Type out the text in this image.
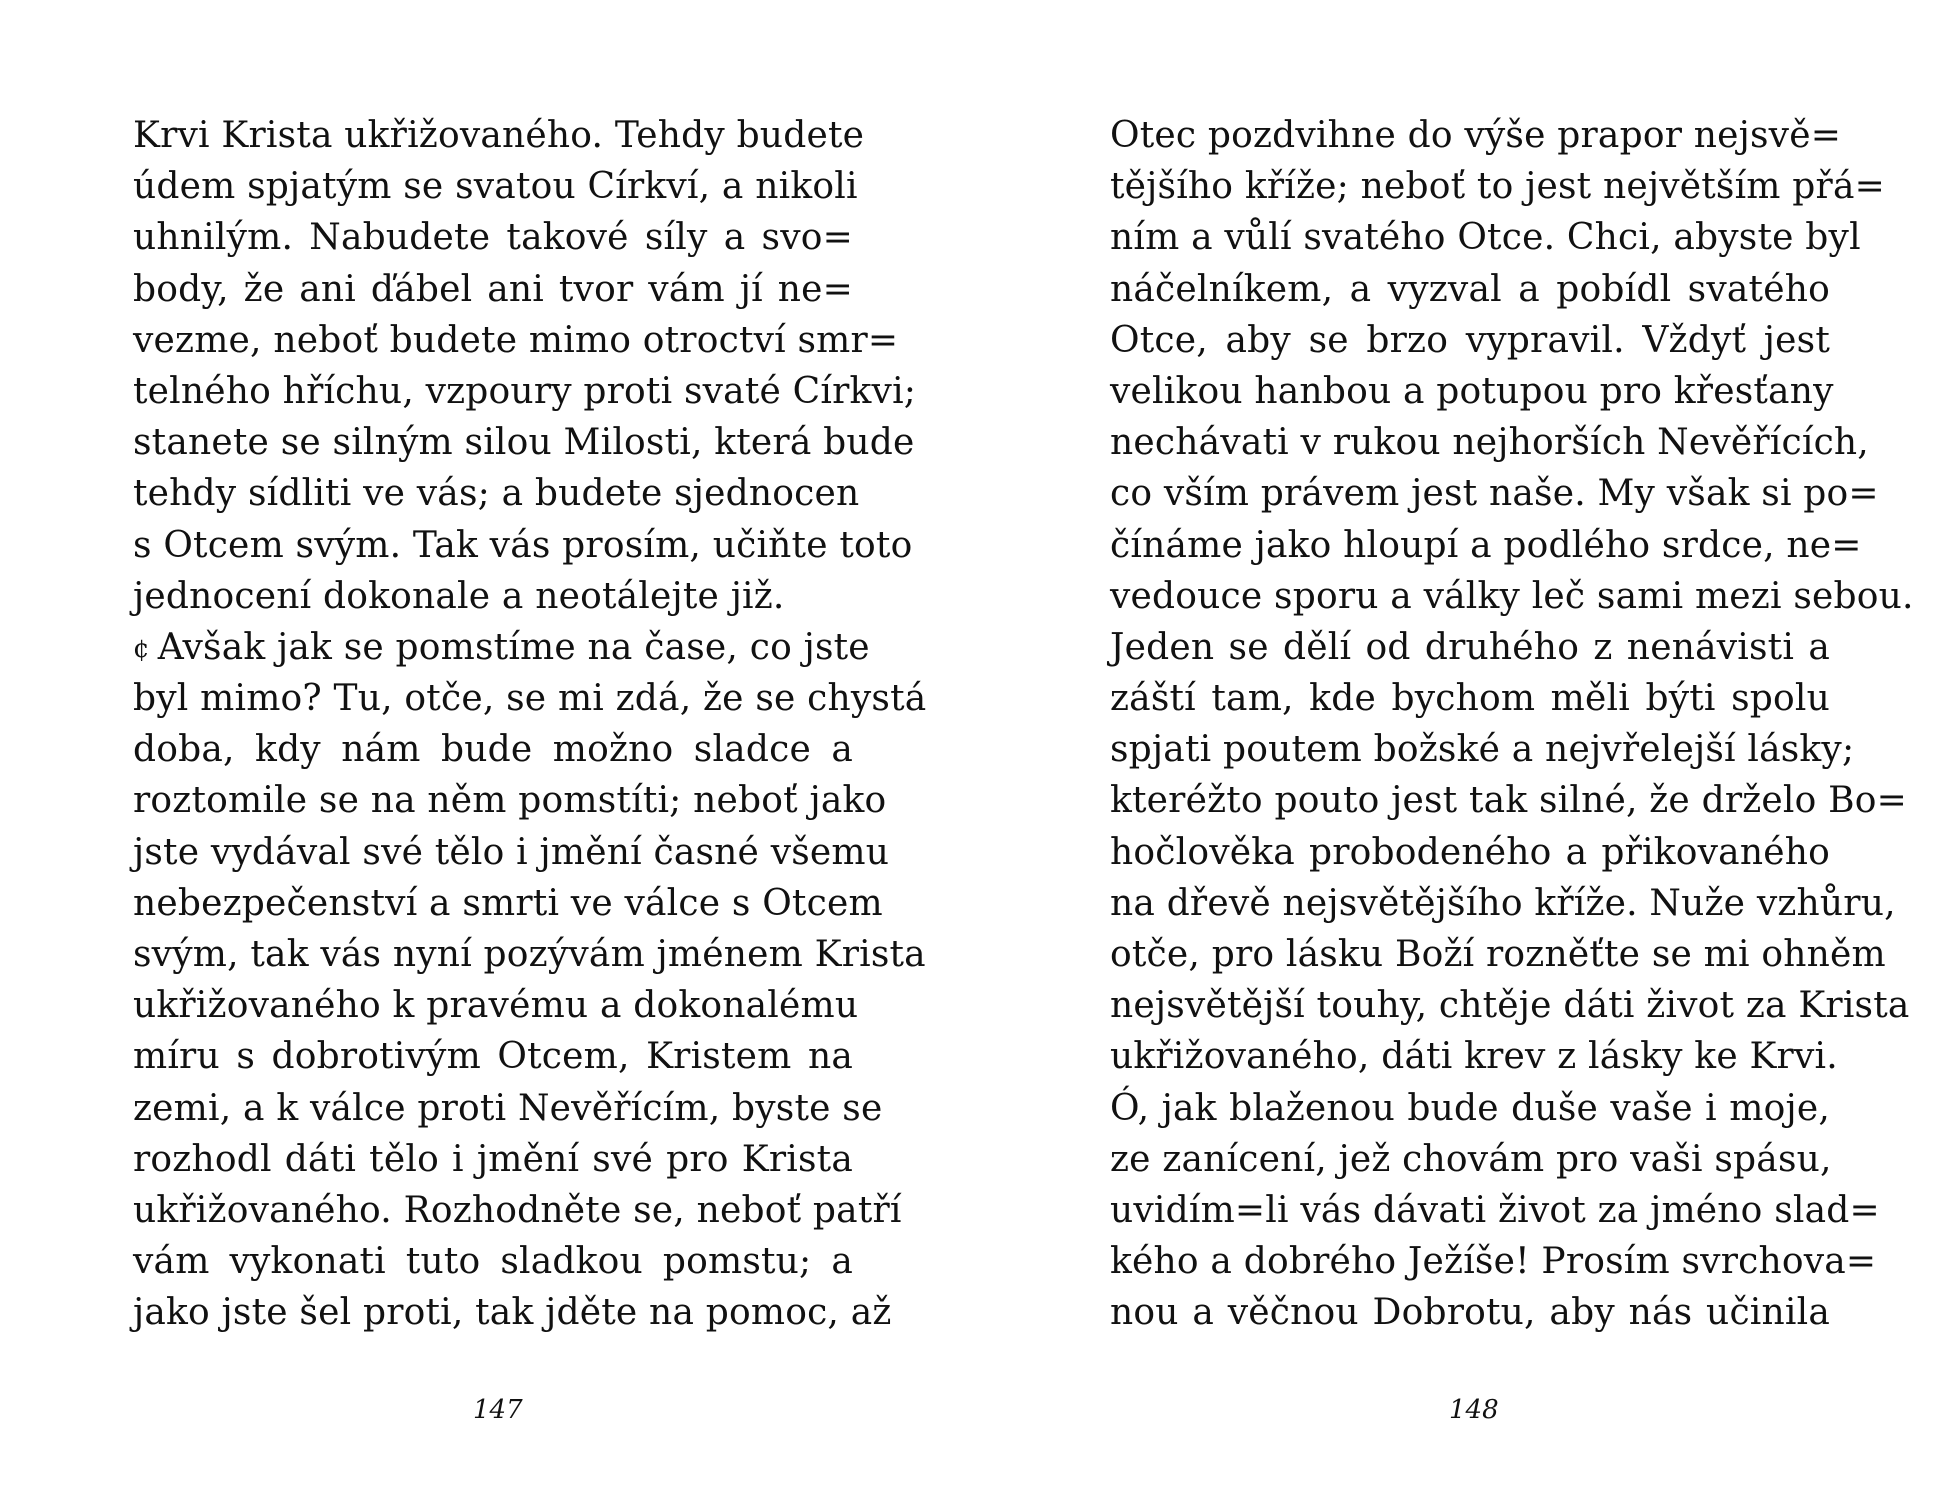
Krvi Krista ukřižovaného. Tehdy budete
údem spjatým se svatou Církví, a nikoli
uhnilým. Nabudete takové síly a svo=
body, že ani ďábel ani tvor vám jí ne=
vezme, neboť budete mimo otroctví smr=
telného hříchu, vzpoury proti svaté Církvi;
stanete se silným silou Milosti, která bude
tehdy sídliti ve vás; a budete sjednocen
s Otcem svým. Tak vás prosím, učiňte toto
jednocení dokonale a neotálejte již.
¢ Avšak jak se pomstíme na čase, co jste
byl mimo? Tu, otče, se mi zdá, že se chystá
doba, kdy nám bude možno sladce a
roztomile se na něm pomstíti; neboť jako
jste vydával své tělo i jmění časné všemu
nebezpečenství a smrti ve válce s Otcem
svým, tak vás nyní pozývám jménem Krista
ukřižovaného k pravému a dokonalému
míru s dobrotivým Otcem, Kristem na
zemi, a k válce proti Nevěřícím, byste se
rozhodl dáti tělo i jmění své pro Krista
ukřižovaného. Rozhodněte se, neboť patří
vám vykonati tuto sladkou pomstu; a
jako jste šel proti, tak jděte na pomoc, až
147
Otec pozdvihne do výše prapor nejsvě=
tějšího kříže; neboť to jest největším přá=
ním a vůlí svatého Otce. Chci, abyste byl
náčelníkem, a vyzval a pobídl svatého
Otce, aby se brzo vypravil. Vždyť jest
velikou hanbou a potupou pro křesťany
nechávati v rukou nejhorších Nevěřících,
co vším právem jest naše. My však si po=
čínáme jako hloupí a podlého srdce, ne=
vedouce sporu a války leč sami mezi sebou.
Jeden se dělí od druhého z nenávisti a
záští tam, kde bychom měli býti spolu
spjati poutem božské a nejvřelejší lásky;
kteréžto pouto jest tak silné, že drželo Bo=
hočlověka probodeného a přikovaného
na dřevě nejsvětějšího kříže. Nuže vzhůru,
otče, pro lásku Boží rozněťte se mi ohněm
nejsvětější touhy, chtěje dáti život za Krista
ukřižovaného, dáti krev z lásky ke Krvi.
Ó, jak blaženou bude duše vaše i moje,
ze zanícení, jež chovám pro vaši spásu,
uvidím=li vás dávati život za jméno slad=
kého a dobrého Ježíše! Prosím svrchova=
nou a věčnou Dobrotu, aby nás učinila
148
